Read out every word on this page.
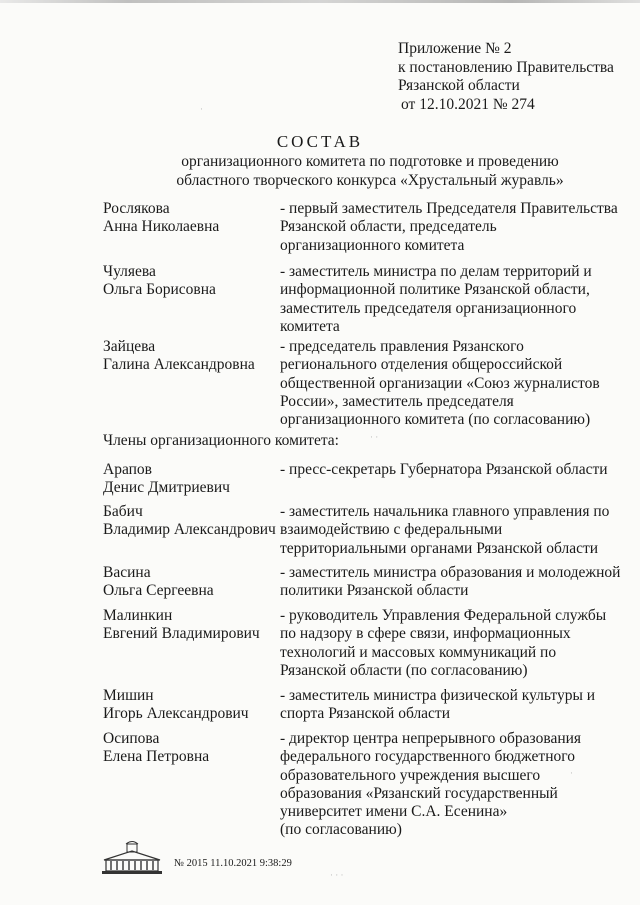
Приложение № 2
к постановлению Правительства
Рязанской области
от 12.10.2021 № 274
СОСТАВ
организационного комитета по подготовке и проведению
областного творческого конкурса «Хрустальный журавль»
Рослякова
Анна Николаевна
- первый заместитель Председателя Правительства
Рязанской области, председатель
организационного комитета
Чуляева
Ольга Борисовна
- заместитель министра по делам территорий и
информационной политике Рязанской области,
заместитель председателя организационного
комитета
Зайцева
Галина Александровна
- председатель правления Рязанского
регионального отделения общероссийской
общественной организации «Союз журналистов
России», заместитель председателя
организационного комитета (по согласованию)
Члены организационного комитета:
Арапов
Денис Дмитриевич
- пресс-секретарь Губернатора Рязанской области
Бабич
Владимир Александрович
- заместитель начальника главного управления по
взаимодействию с федеральными
территориальными органами Рязанской области
Васина
Ольга Сергеевна
- заместитель министра образования и молодежной
политики Рязанской области
Малинкин
Евгений Владимирович
- руководитель Управления Федеральной службы
по надзору в сфере связи, информационных
технологий и массовых коммуникаций по
Рязанской области (по согласованию)
Мишин
Игорь Александрович
- заместитель министра физической культуры и
спорта Рязанской области
Осипова
Елена Петровна
- директор центра непрерывного образования
федерального государственного бюджетного
образовательного учреждения высшего
образования «Рязанский государственный
университет имени С.А. Есенина»
(по согласованию)
№ 2015 11.10.2021 9:38:29
·
· ·
·
· · ·
